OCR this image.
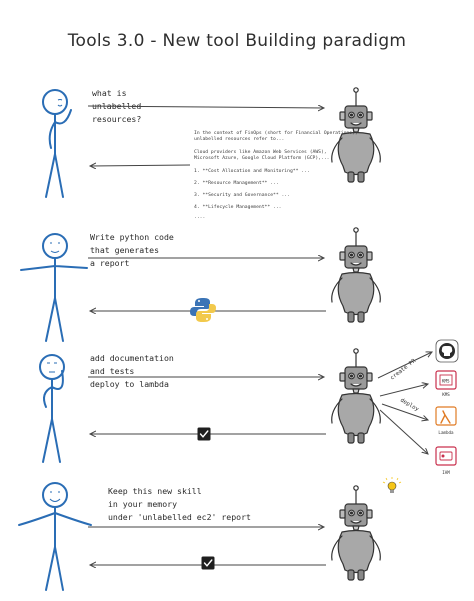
Tools 3.0 - New tool Building paradigm
what is unlabelled resources?
In the context of FinOps (short for Financial Operations), unlabelled resources refer to... Cloud providers like Amazon Web Services (AWS), Microsoft Azure, Google Cloud Platform (GCP),... 1. **Cost Allocation and Monitoring** ... 2. **Resource Management** ... 3. **Security and Governance** ... 4. **Lifecycle Management** ... ....
Write python code that generates a report
add documentation and tests deploy to lambda
create PR
deploy
KMS
KMS
Lambda
IAM
Keep this new skill in your memory under 'unlabelled ec2' report
